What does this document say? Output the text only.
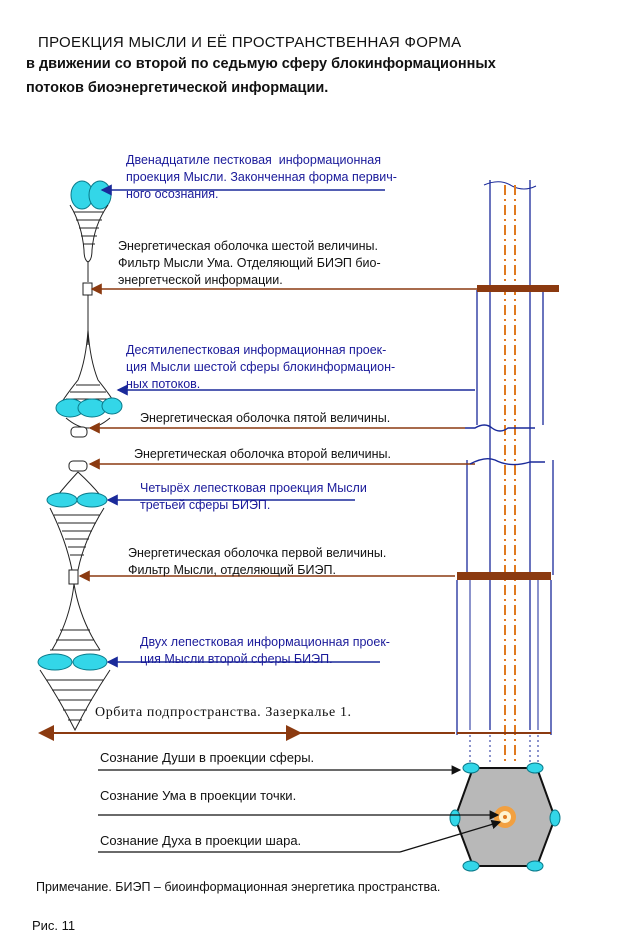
ПРОЕКЦИЯ МЫСЛИ И ЕЁ ПРОСТРАНСТВЕННАЯ ФОРМА
в движении со второй по седьмую сферу блокинформационных
потоков биоэнергетической информации.
Двенадцатиле пестковая  информационная
проекция Мысли. Законченная форма первич-
ного осознания.
Энергетическая оболочка шестой величины.
Фильтр Мысли Ума. Отделяющий БИЭП био-
энергетческой информации.
Десятилепестковая информационная проек-
ция Мысли шестой сферы блокинформацион-
ных потоков.
Энергетическая оболочка пятой величины.
Энергетическая оболочка второй величины.
Четырёх лепестковая проекция Мысли
третьей сферы БИЭП.
Энергетическая оболочка первой величины.
Фильтр Мысли, отделяющий БИЭП.
Двух лепестковая информационная проек-
ция Мысли второй сферы БИЭП.
Орбита подпространства. Зазеркалье 1.
Сознание Души в проекции сферы.
Сознание Ума в проекции точки.
Сознание Духа в проекции шара.
Примечание. БИЭП – биоинформационная энергетика пространства.
Рис. 11
